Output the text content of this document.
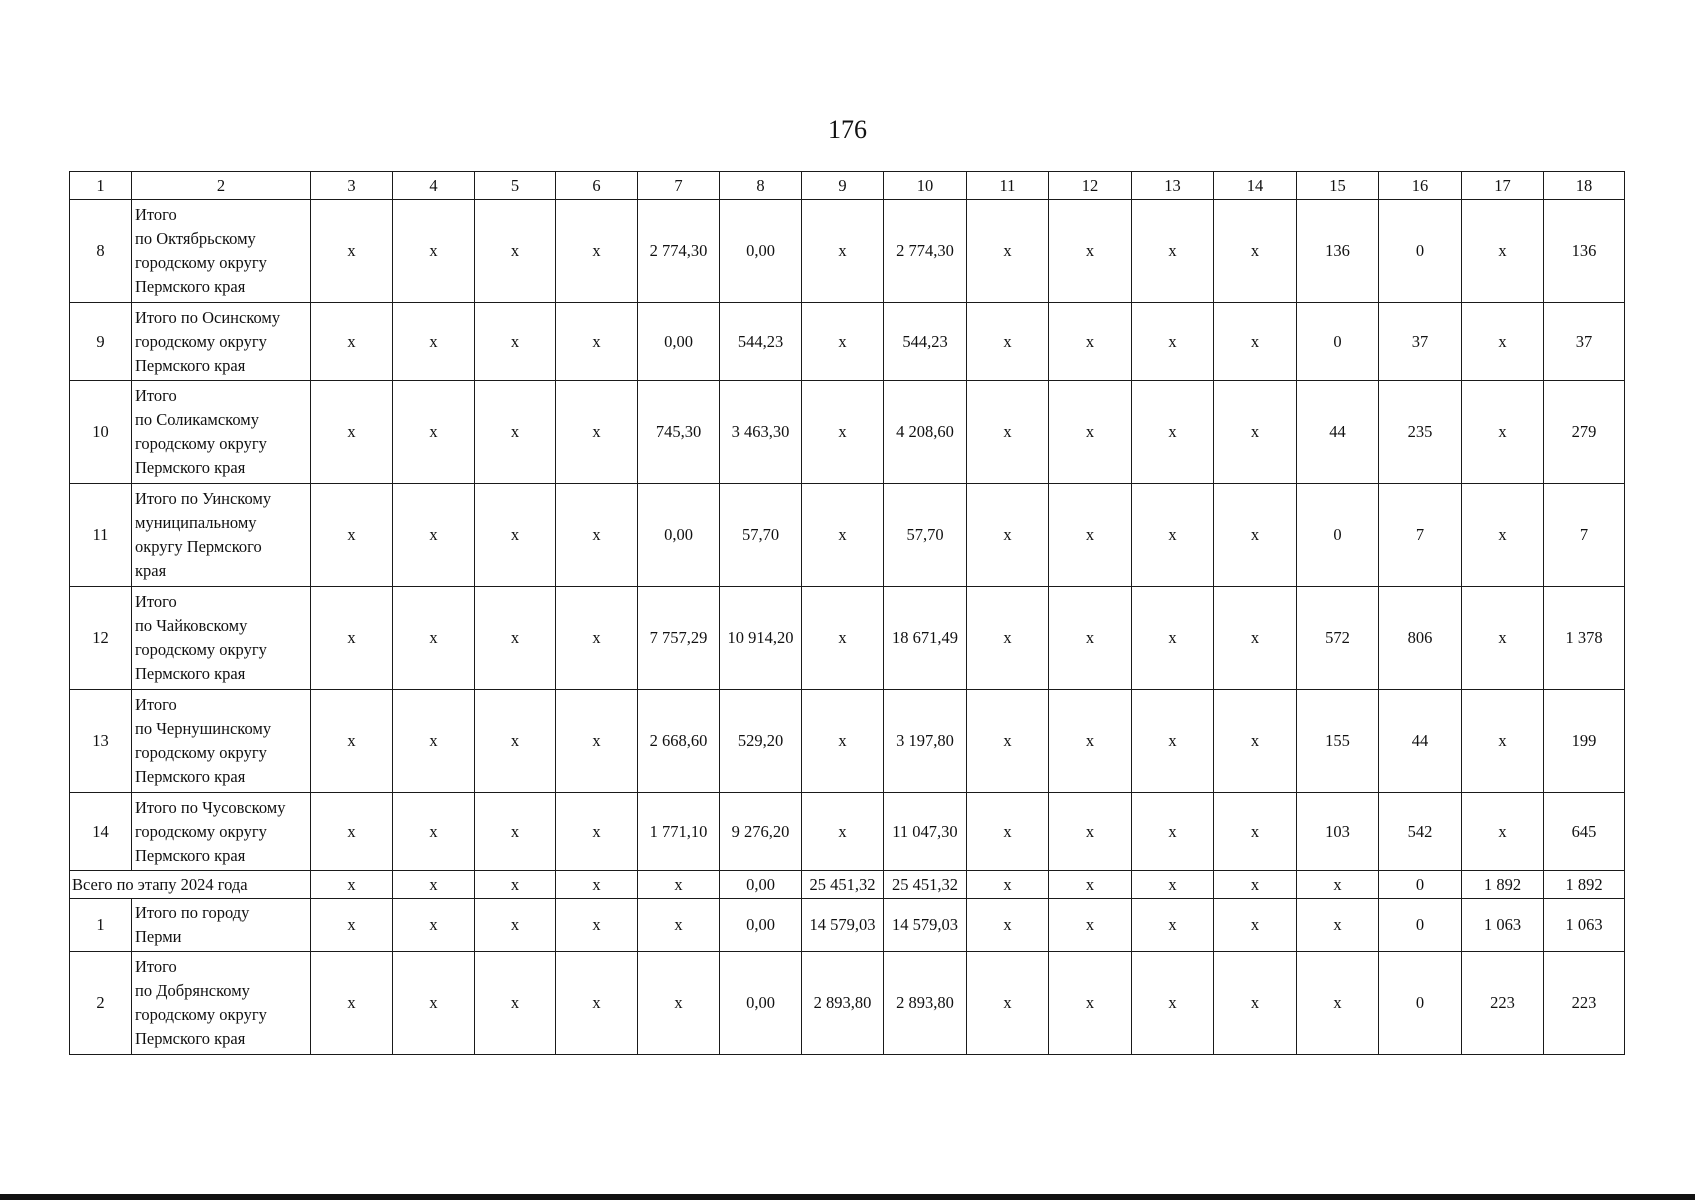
176
1	2	3	4	5	6	7	8	9	10	11	12	13	14	15	16	17	18
8	Итого
по Октябрьскому
городскому округу
Пермского края	x	x	x	x	2 774,30	0,00	x	2 774,30	x	x	x	x	136	0	x	136
9	Итого по Осинскому
городскому округу
Пермского края	x	x	x	x	0,00	544,23	x	544,23	x	x	x	x	0	37	x	37
10	Итого
по Соликамскому
городскому округу
Пермского края	x	x	x	x	745,30	3 463,30	x	4 208,60	x	x	x	x	44	235	x	279
11	Итого по Уинскому
муниципальному
округу Пермского
края	x	x	x	x	0,00	57,70	x	57,70	x	x	x	x	0	7	x	7
12	Итого
по Чайковскому
городскому округу
Пермского края	x	x	x	x	7 757,29	10 914,20	x	18 671,49	x	x	x	x	572	806	x	1 378
13	Итого
по Чернушинскому
городскому округу
Пермского края	x	x	x	x	2 668,60	529,20	x	3 197,80	x	x	x	x	155	44	x	199
14	Итого по Чусовскому
городскому округу
Пермского края	x	x	x	x	1 771,10	9 276,20	x	11 047,30	x	x	x	x	103	542	x	645
Всего по этапу 2024 года		x	x	x	x	x	0,00	25 451,32	25 451,32	x	x	x	x	x	0	1 892	1 892
1	Итого по городу
Перми	x	x	x	x	x	0,00	14 579,03	14 579,03	x	x	x	x	x	0	1 063	1 063
2	Итого
по Добрянскому
городскому округу
Пермского края	x	x	x	x	x	0,00	2 893,80	2 893,80	x	x	x	x	x	0	223	223
